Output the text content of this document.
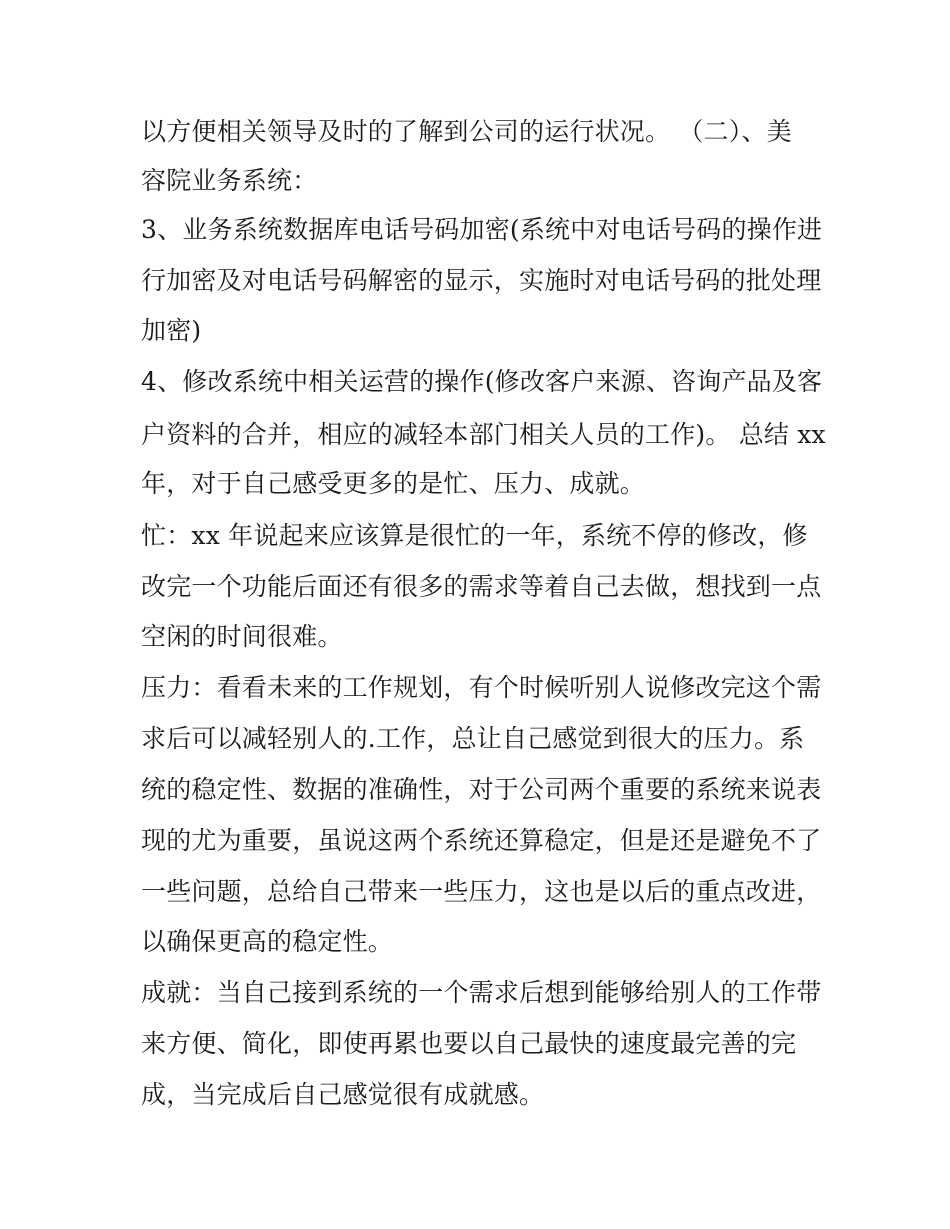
以方便相关领导及时的了解到公司的运行状况。 （二）、美
容院业务系统：
3、业务系统数据库电话号码加密(系统中对电话号码的操作进
行加密及对电话号码解密的显示，实施时对电话号码的批处理
加密)
4、修改系统中相关运营的操作(修改客户来源、咨询产品及客
户资料的合并，相应的减轻本部门相关人员的工作)。 总结 xx
年，对于自己感受更多的是忙、压力、成就。
忙：xx 年说起来应该算是很忙的一年，系统不停的修改，修
改完一个功能后面还有很多的需求等着自己去做，想找到一点
空闲的时间很难。
压力：看看未来的工作规划，有个时候听别人说修改完这个需
求后可以减轻别人的.工作，总让自己感觉到很大的压力。系
统的稳定性、数据的准确性，对于公司两个重要的系统来说表
现的尤为重要，虽说这两个系统还算稳定，但是还是避免不了
一些问题，总给自己带来一些压力，这也是以后的重点改进，
以确保更高的稳定性。
成就：当自己接到系统的一个需求后想到能够给别人的工作带
来方便、简化，即使再累也要以自己最快的速度最完善的完
成，当完成后自己感觉很有成就感。
